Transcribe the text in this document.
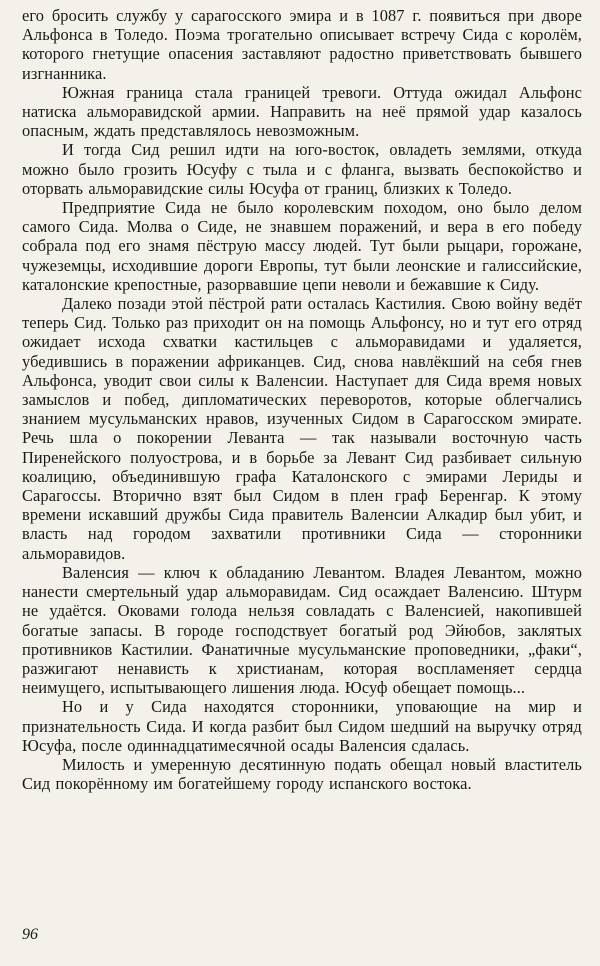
его бросить службу у сарагосского эмира и в 1087 г. появиться при дворе Альфонса в Толедо. Поэма трогательно описывает встречу Сида с королём, которого гнетущие опасения заставляют радостно приветствовать бывшего изгнанника.

Южная граница стала границей тревоги. Оттуда ожидал Альфонс натиска альморавидской армии. Направить на неё прямой удар казалось опасным, ждать представлялось невозможным.

И тогда Сид решил идти на юго-восток, овладеть землями, откуда можно было грозить Юсуфу с тыла и с фланга, вызвать беспокойство и оторвать альморавидские силы Юсуфа от границ, близких к Толедо.

Предприятие Сида не было королевским походом, оно было делом самого Сида. Молва о Сиде, не знавшем поражений, и вера в его победу собрала под его знамя пёструю массу людей. Тут были рыцари, горожане, чужеземцы, исходившие дороги Европы, тут были леонские и галиссийские, каталонские крепостные, разорвавшие цепи неволи и бежавшие к Сиду.

Далеко позади этой пёстрой рати осталась Кастилия. Свою войну ведёт теперь Сид. Только раз приходит он на помощь Альфонсу, но и тут его отряд ожидает исхода схватки кастильцев с альморавидами и удаляется, убедившись в поражении африканцев. Сид, снова навлёкший на себя гнев Альфонса, уводит свои силы к Валенсии. Наступает для Сида время новых замыслов и побед, дипломатических переворотов, которые облегчались знанием мусульманских нравов, изученных Сидом в Сарагосском эмирате. Речь шла о покорении Леванта — так называли восточную часть Пиренейского полуострова, и в борьбе за Левант Сид разбивает сильную коалицию, объединившую графа Каталонского с эмирами Лериды и Сарагоссы. Вторично взят был Сидом в плен граф Беренгар. К этому времени искавший дружбы Сида правитель Валенсии Алкадир был убит, и власть над городом захватили противники Сида — сторонники альморавидов.

Валенсия — ключ к обладанию Левантом. Владея Левантом, можно нанести смертельный удар альморавидам. Сид осаждает Валенсию. Штурм не удаётся. Оковами голода нельзя совладать с Валенсией, накопившей богатые запасы. В городе господствует богатый род Эйюбов, заклятых противников Кастилии. Фанатичные мусульманские проповедники, „факи“, разжигают ненависть к христианам, которая воспламеняет сердца неимущего, испытывающего лишения люда. Юсуф обещает помощь...

Но и у Сида находятся сторонники, уповающие на мир и признательность Сида. И когда разбит был Сидом шедший на выручку отряд Юсуфа, после одиннадцатимесячной осады Валенсия сдалась.

Милость и умеренную десятинную подать обещал новый властитель Сид покорённому им богатейшему городу испанского востока.

96
